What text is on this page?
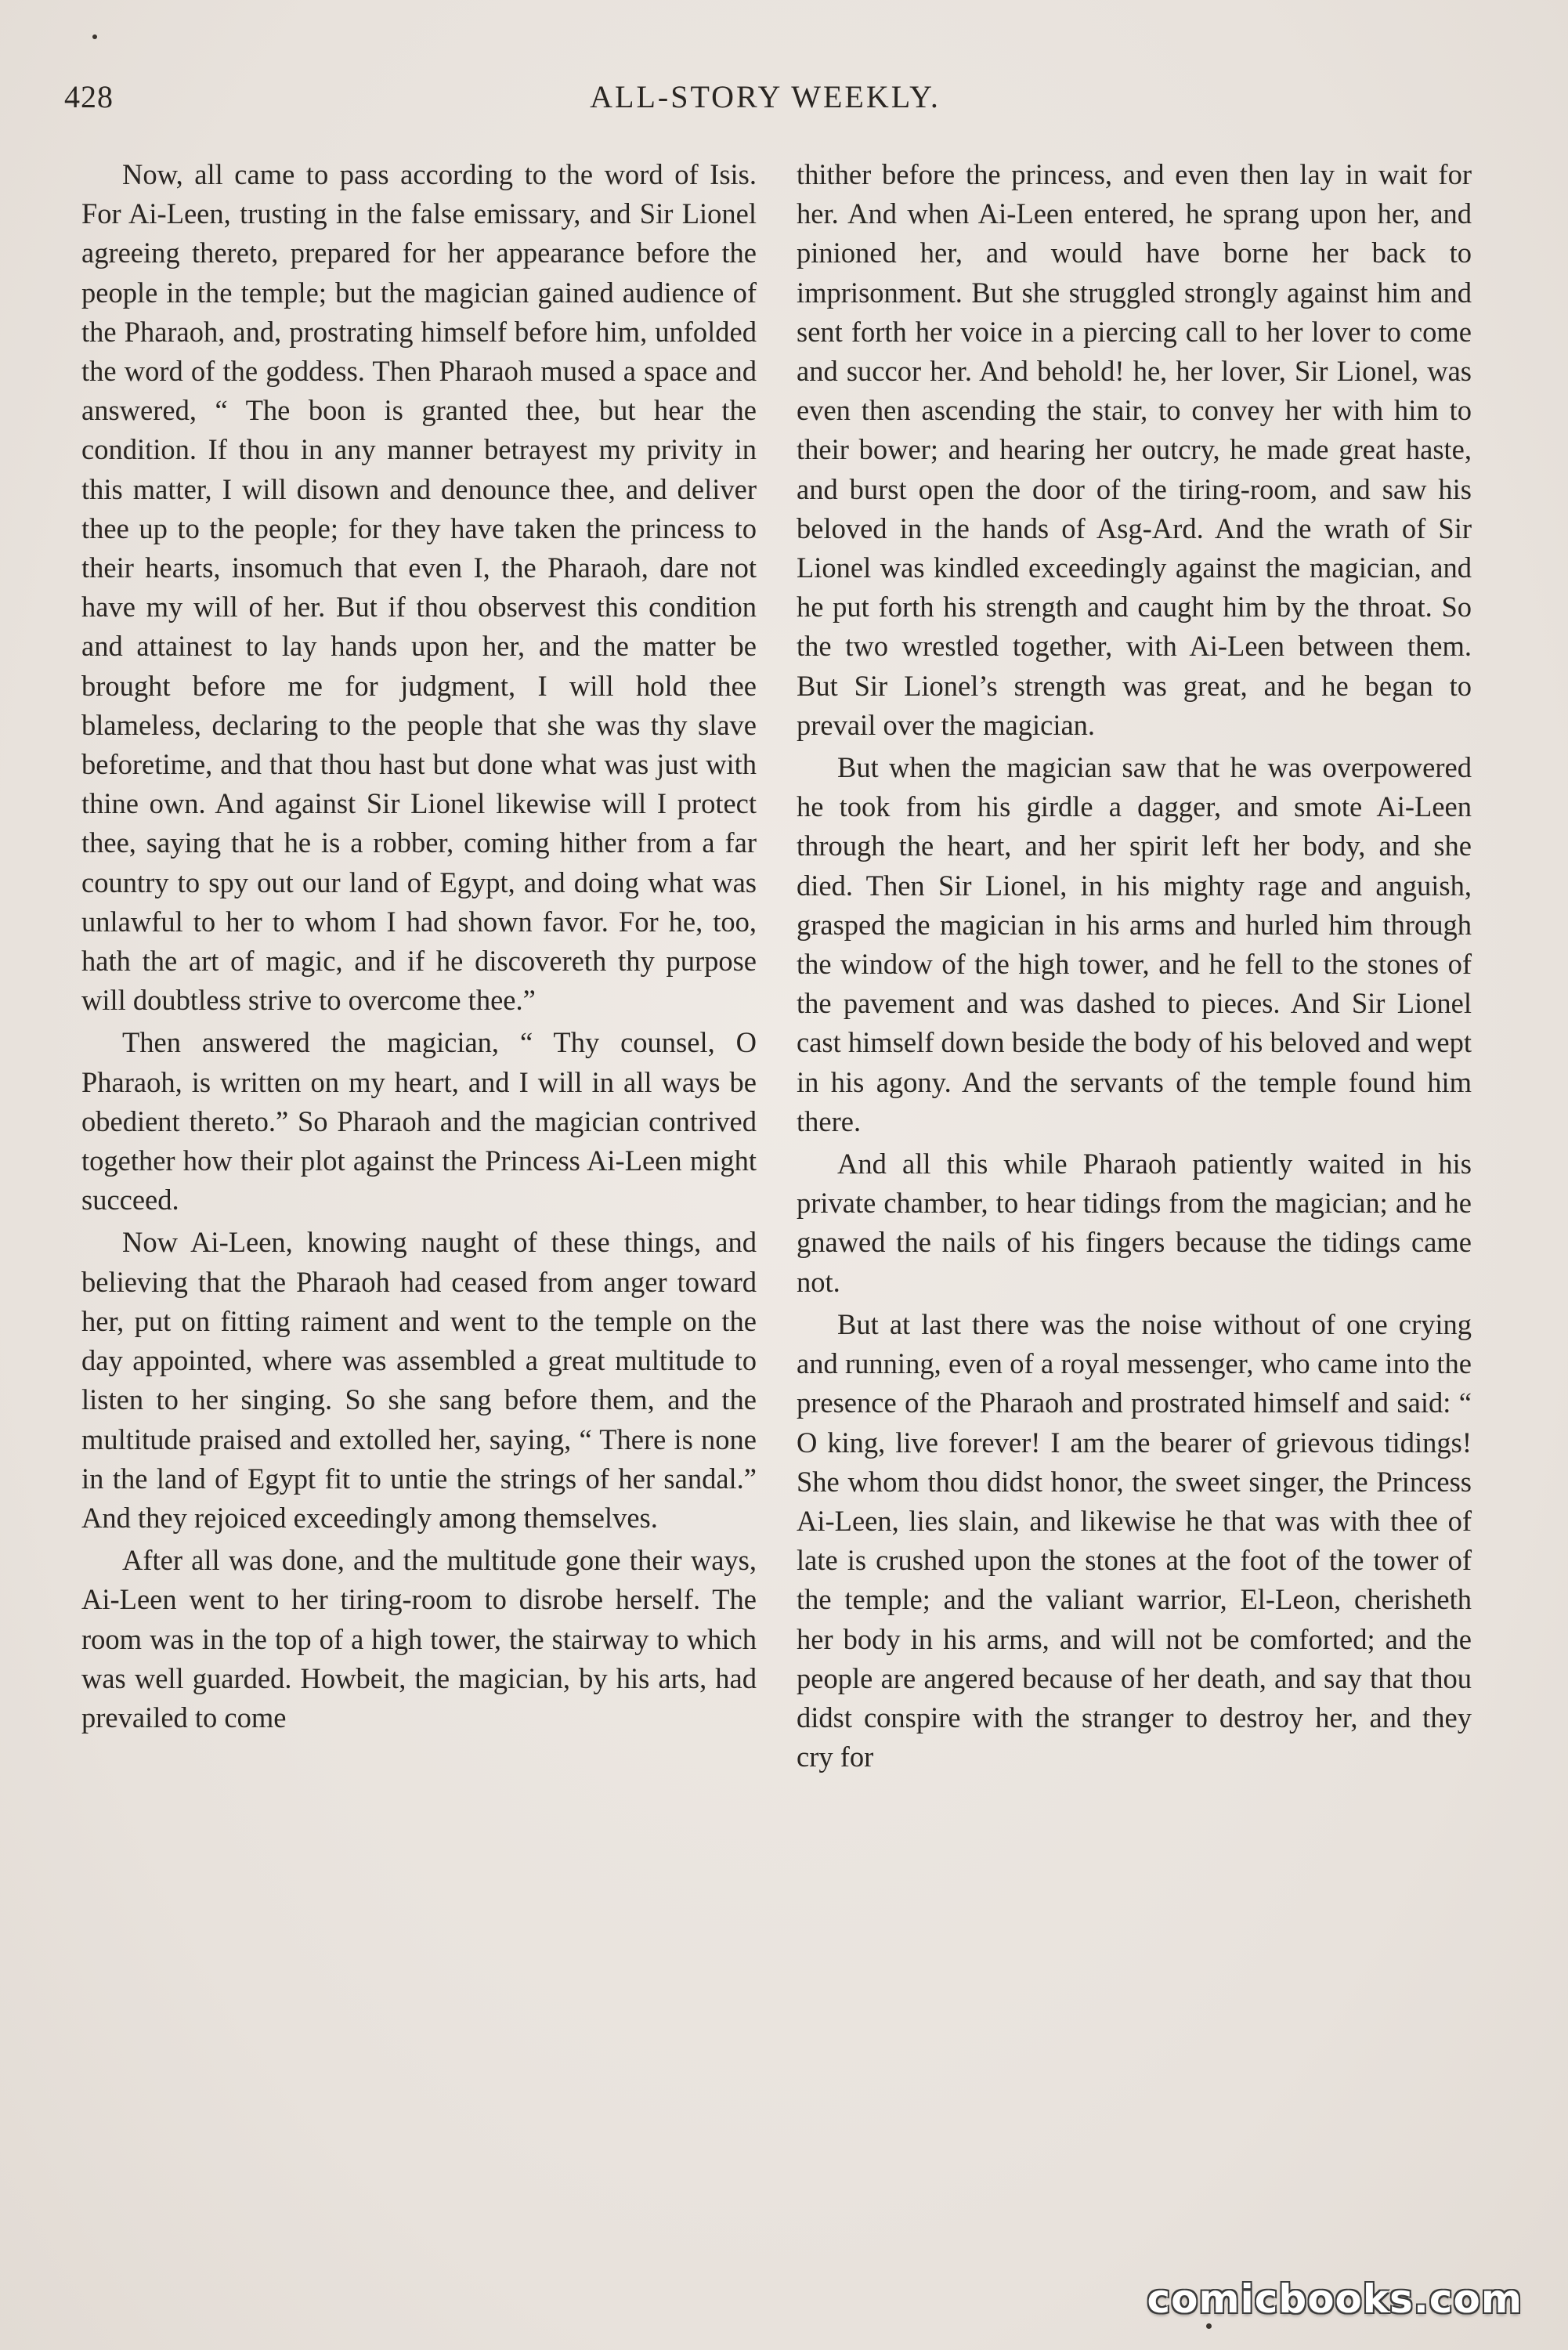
428	ALL-STORY WEEKLY.

Now, all came to pass according to the word of Isis. For Ai-Leen, trusting in the false emissary, and Sir Lionel agreeing thereto, prepared for her appearance before the people in the temple; but the magician gained audience of the Pharaoh, and, prostrating himself before him, unfolded the word of the goddess. Then Pharaoh mused a space and answered, “ The boon is granted thee, but hear the condition. If thou in any manner betrayest my privity in this matter, I will disown and denounce thee, and deliver thee up to the people; for they have taken the princess to their hearts, insomuch that even I, the Pharaoh, dare not have my will of her. But if thou observest this condition and attainest to lay hands upon her, and the matter be brought before me for judgment, I will hold thee blameless, declaring to the people that she was thy slave beforetime, and that thou hast but done what was just with thine own. And against Sir Lionel likewise will I protect thee, saying that he is a robber, coming hither from a far country to spy out our land of Egypt, and doing what was unlawful to her to whom I had shown favor. For he, too, hath the art of magic, and if he discovereth thy purpose will doubtless strive to overcome thee.”

Then answered the magician, “ Thy counsel, O Pharaoh, is written on my heart, and I will in all ways be obedient thereto.” So Pharaoh and the magician contrived together how their plot against the Princess Ai-Leen might succeed.

Now Ai-Leen, knowing naught of these things, and believing that the Pharaoh had ceased from anger toward her, put on fitting raiment and went to the temple on the day appointed, where was assembled a great multitude to listen to her singing. So she sang before them, and the multitude praised and extolled her, saying, “ There is none in the land of Egypt fit to untie the strings of her sandal.” And they rejoiced exceedingly among themselves.

After all was done, and the multitude gone their ways, Ai-Leen went to her tiring-room to disrobe herself. The room was in the top of a high tower, the stairway to which was well guarded. Howbeit, the magician, by his arts, had prevailed to come

thither before the princess, and even then lay in wait for her. And when Ai-Leen entered, he sprang upon her, and pinioned her, and would have borne her back to imprisonment. But she struggled strongly against him and sent forth her voice in a piercing call to her lover to come and succor her. And behold! he, her lover, Sir Lionel, was even then ascending the stair, to convey her with him to their bower; and hearing her outcry, he made great haste, and burst open the door of the tiring-room, and saw his beloved in the hands of Asg-Ard. And the wrath of Sir Lionel was kindled exceedingly against the magician, and he put forth his strength and caught him by the throat. So the two wrestled together, with Ai-Leen between them. But Sir Lionel’s strength was great, and he began to prevail over the magician.

But when the magician saw that he was overpowered he took from his girdle a dagger, and smote Ai-Leen through the heart, and her spirit left her body, and she died. Then Sir Lionel, in his mighty rage and anguish, grasped the magician in his arms and hurled him through the window of the high tower, and he fell to the stones of the pavement and was dashed to pieces. And Sir Lionel cast himself down beside the body of his beloved and wept in his agony. And the servants of the temple found him there.

And all this while Pharaoh patiently waited in his private chamber, to hear tidings from the magician; and he gnawed the nails of his fingers because the tidings came not.

But at last there was the noise without of one crying and running, even of a royal messenger, who came into the presence of the Pharaoh and prostrated himself and said: “ O king, live forever! I am the bearer of grievous tidings! She whom thou didst honor, the sweet singer, the Princess Ai-Leen, lies slain, and likewise he that was with thee of late is crushed upon the stones at the foot of the tower of the temple; and the valiant warrior, El-Leon, cherisheth her body in his arms, and will not be comforted; and the people are angered because of her death, and say that thou didst conspire with the stranger to destroy her, and they cry for

comicbooks.com
